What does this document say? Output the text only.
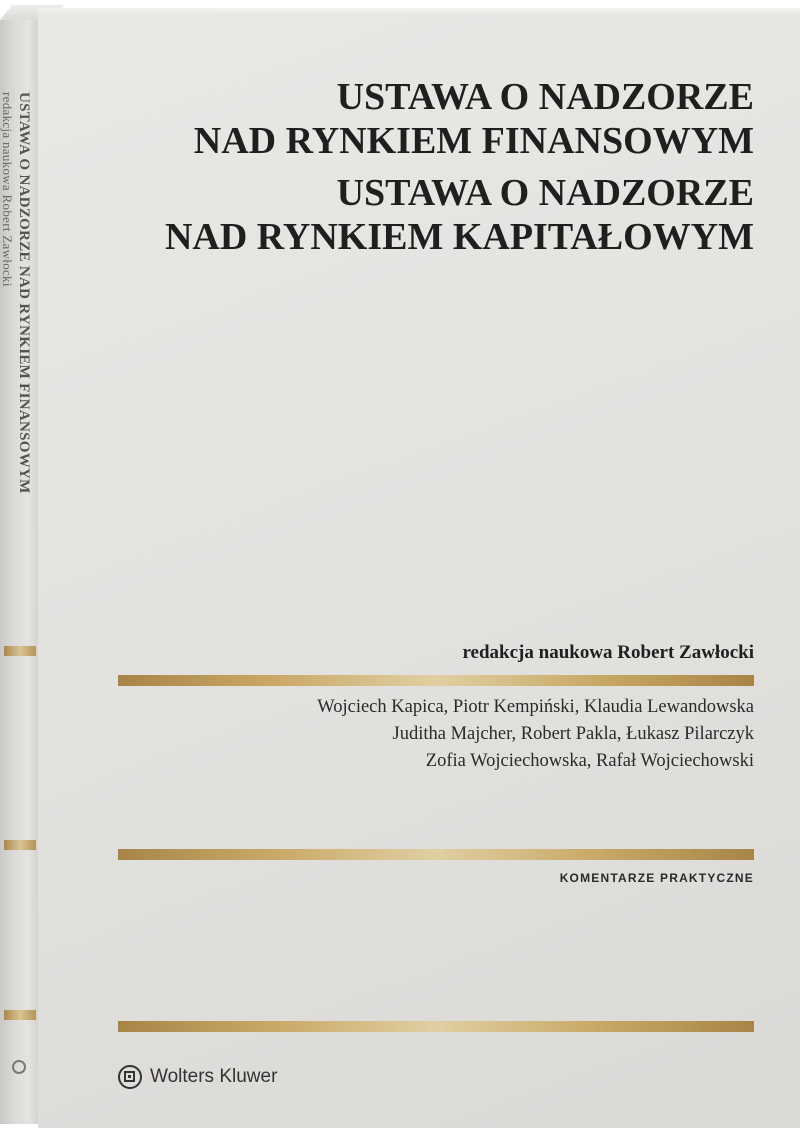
USTAWA O NADZORZE NAD RYNKIEM FINANSOWYM
redakcja naukowa Robert Zawłocki	USTAWA O NADZORZE
NAD RYNKIEM FINANSOWYM
USTAWA O NADZORZE
NAD RYNKIEM KAPITAŁOWYM
redakcja naukowa Robert Zawłocki
Wojciech Kapica, Piotr Kempiński, Klaudia Lewandowska
Juditha Majcher, Robert Pakla, Łukasz Pilarczyk
Zofia Wojciechowska, Rafał Wojciechowski
KOMENTARZE PRAKTYCZNE
Wolters Kluwer
